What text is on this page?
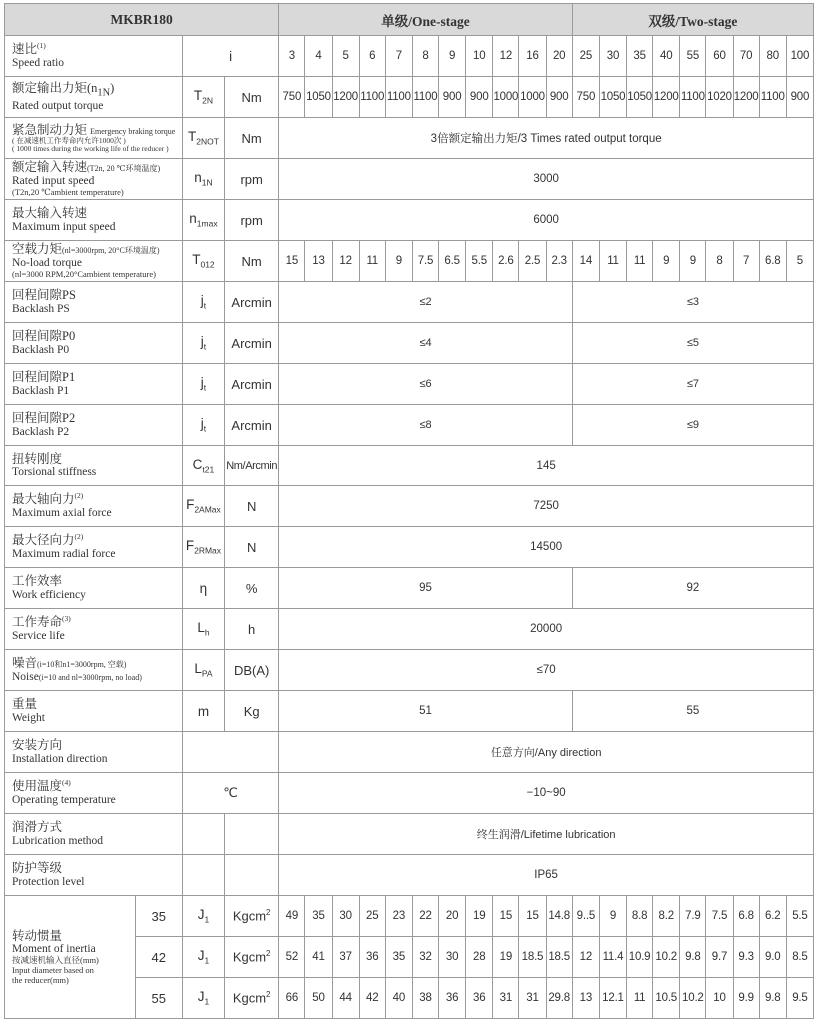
MKBR180				单级/One-stage											双级/Two-stage								

速比$^{(1)}$
Speed ratio		i		3	4	5	6	7	8	9	10	12	16	20	25	30	35	40	55	60	70	80	100

额定输出力矩$(n_{1N})$
Rated output torque		$T_{2N}$	Nm	750	1050	1200	1100	1100	1100	900	900	1000	1000	900	750	1050	1050	1200	1100	1020	1200	1100	900

紧急制动力矩 Emergency braking torque
( 在减速机工作寿命内允许1000次 )
( 1000 times during the working life of the reducer )		$T_{2NOT}$	Nm	3倍额定输出力矩/3 Times rated output torque																			

额定输入转速(T2n, 20 ℃环境温度)
Rated input speed
(T2n,20 ℃ambient temperature)		$n_{1N}$	rpm	3000																			

最大输入转速
Maximum input speed		$n_{1max}$	rpm	6000																			

空载力矩(nl=3000rpm, 20°C环境温度)
No-load torque
(nl=3000 RPM,20°Cambient temperature)		$T_{012}$	Nm	15	13	12	11	9	7.5	6.5	5.5	2.6	2.5	2.3	14	11	11	9	9	8	7	6.8	5

回程间隙PS
Backlash PS		$j_t$	Arcmin	≤2											≤3								

回程间隙P0
Backlash P0		$j_t$	Arcmin	≤4											≤5								

回程间隙P1
Backlash P1		$j_t$	Arcmin	≤6											≤7								

回程间隙P2
Backlash P2		$j_t$	Arcmin	≤8											≤9								

扭转刚度
Torsional stiffness		$C_{t21}$	Nm/Arcmin	145																			

最大轴向力$^{(2)}$
Maximum axial force		$F_{2AMax}$	N	7250																			

最大径向力$^{(2)}$
Maximum radial force		$F_{2RMax}$	N	14500																			

工作效率
Work efficiency		η	%	95											92								

工作寿命$^{(3)}$
Service life		$L_h$	h	20000																			

噪音(i=10和n1=3000rpm, 空载)
Noise(i=10 and nl=3000rpm, no load)		$L_{PA}$	DB(A)	≤70																			

重量
Weight		m	Kg	51											55								

安装方向
Installation direction				任意方向/Any direction																			

使用温度$^{(4)}$
Operating temperature		℃		−10~90																			

润滑方式
Lubrication method				终生润滑/Lifetime lubrication																			

防护等级
Protection level				IP65																			

转动惯量
Moment of inertia
按减速机输入直径(mm)
Input diameter based on
the reducer(mm)	35	$J_1$	Kgcm$^2$	49	35	30	25	23	22	20	19	15	15	14.8	9..5	9	8.8	8.2	7.9	7.5	6.8	6.2	5.5
	42	$J_1$	Kgcm$^2$	52	41	37	36	35	32	30	28	19	18.5	18.5	12	11.4	10.9	10.2	9.8	9.7	9.3	9.0	8.5
	55	$J_1$	Kgcm$^2$	66	50	44	42	40	38	36	36	31	31	29.8	13	12.1	11	10.5	10.2	10	9.9	9.8	9.5
